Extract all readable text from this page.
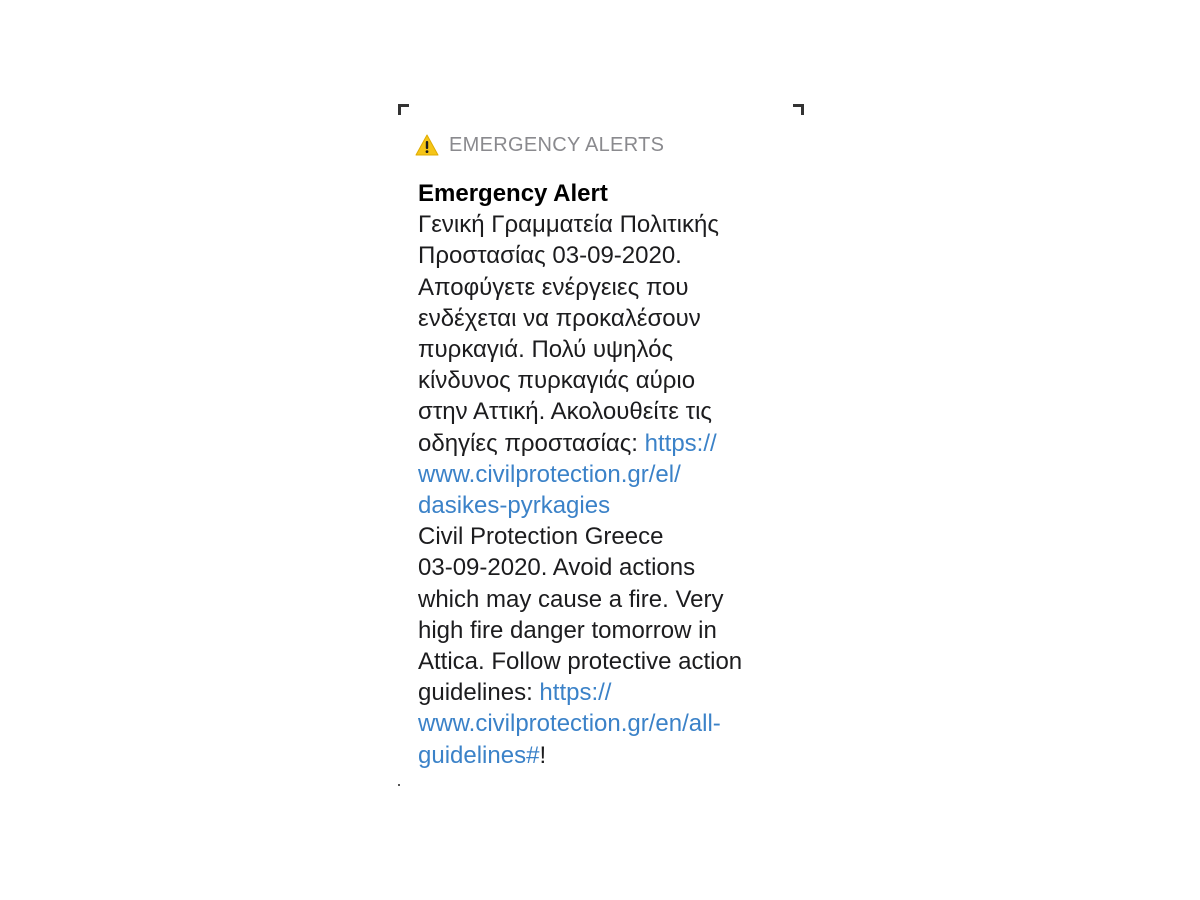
EMERGENCY ALERTS
Emergency Alert
Γενική Γραμματεία Πολιτικής
Προστασίας 03-09-2020.
Αποφύγετε ενέργειες που
ενδέχεται να προκαλέσουν
πυρκαγιά. Πολύ υψηλός
κίνδυνος πυρκαγιάς αύριο
στην Αττική. Ακολουθείτε τις
οδηγίες προστασίας: https://
www.civilprotection.gr/el/
dasikes-pyrkagies
Civil Protection Greece
03-09-2020. Avoid actions
which may cause a fire. Very
high fire danger tomorrow in
Attica. Follow protective action
guidelines: https://
www.civilprotection.gr/en/all-
guidelines#!
